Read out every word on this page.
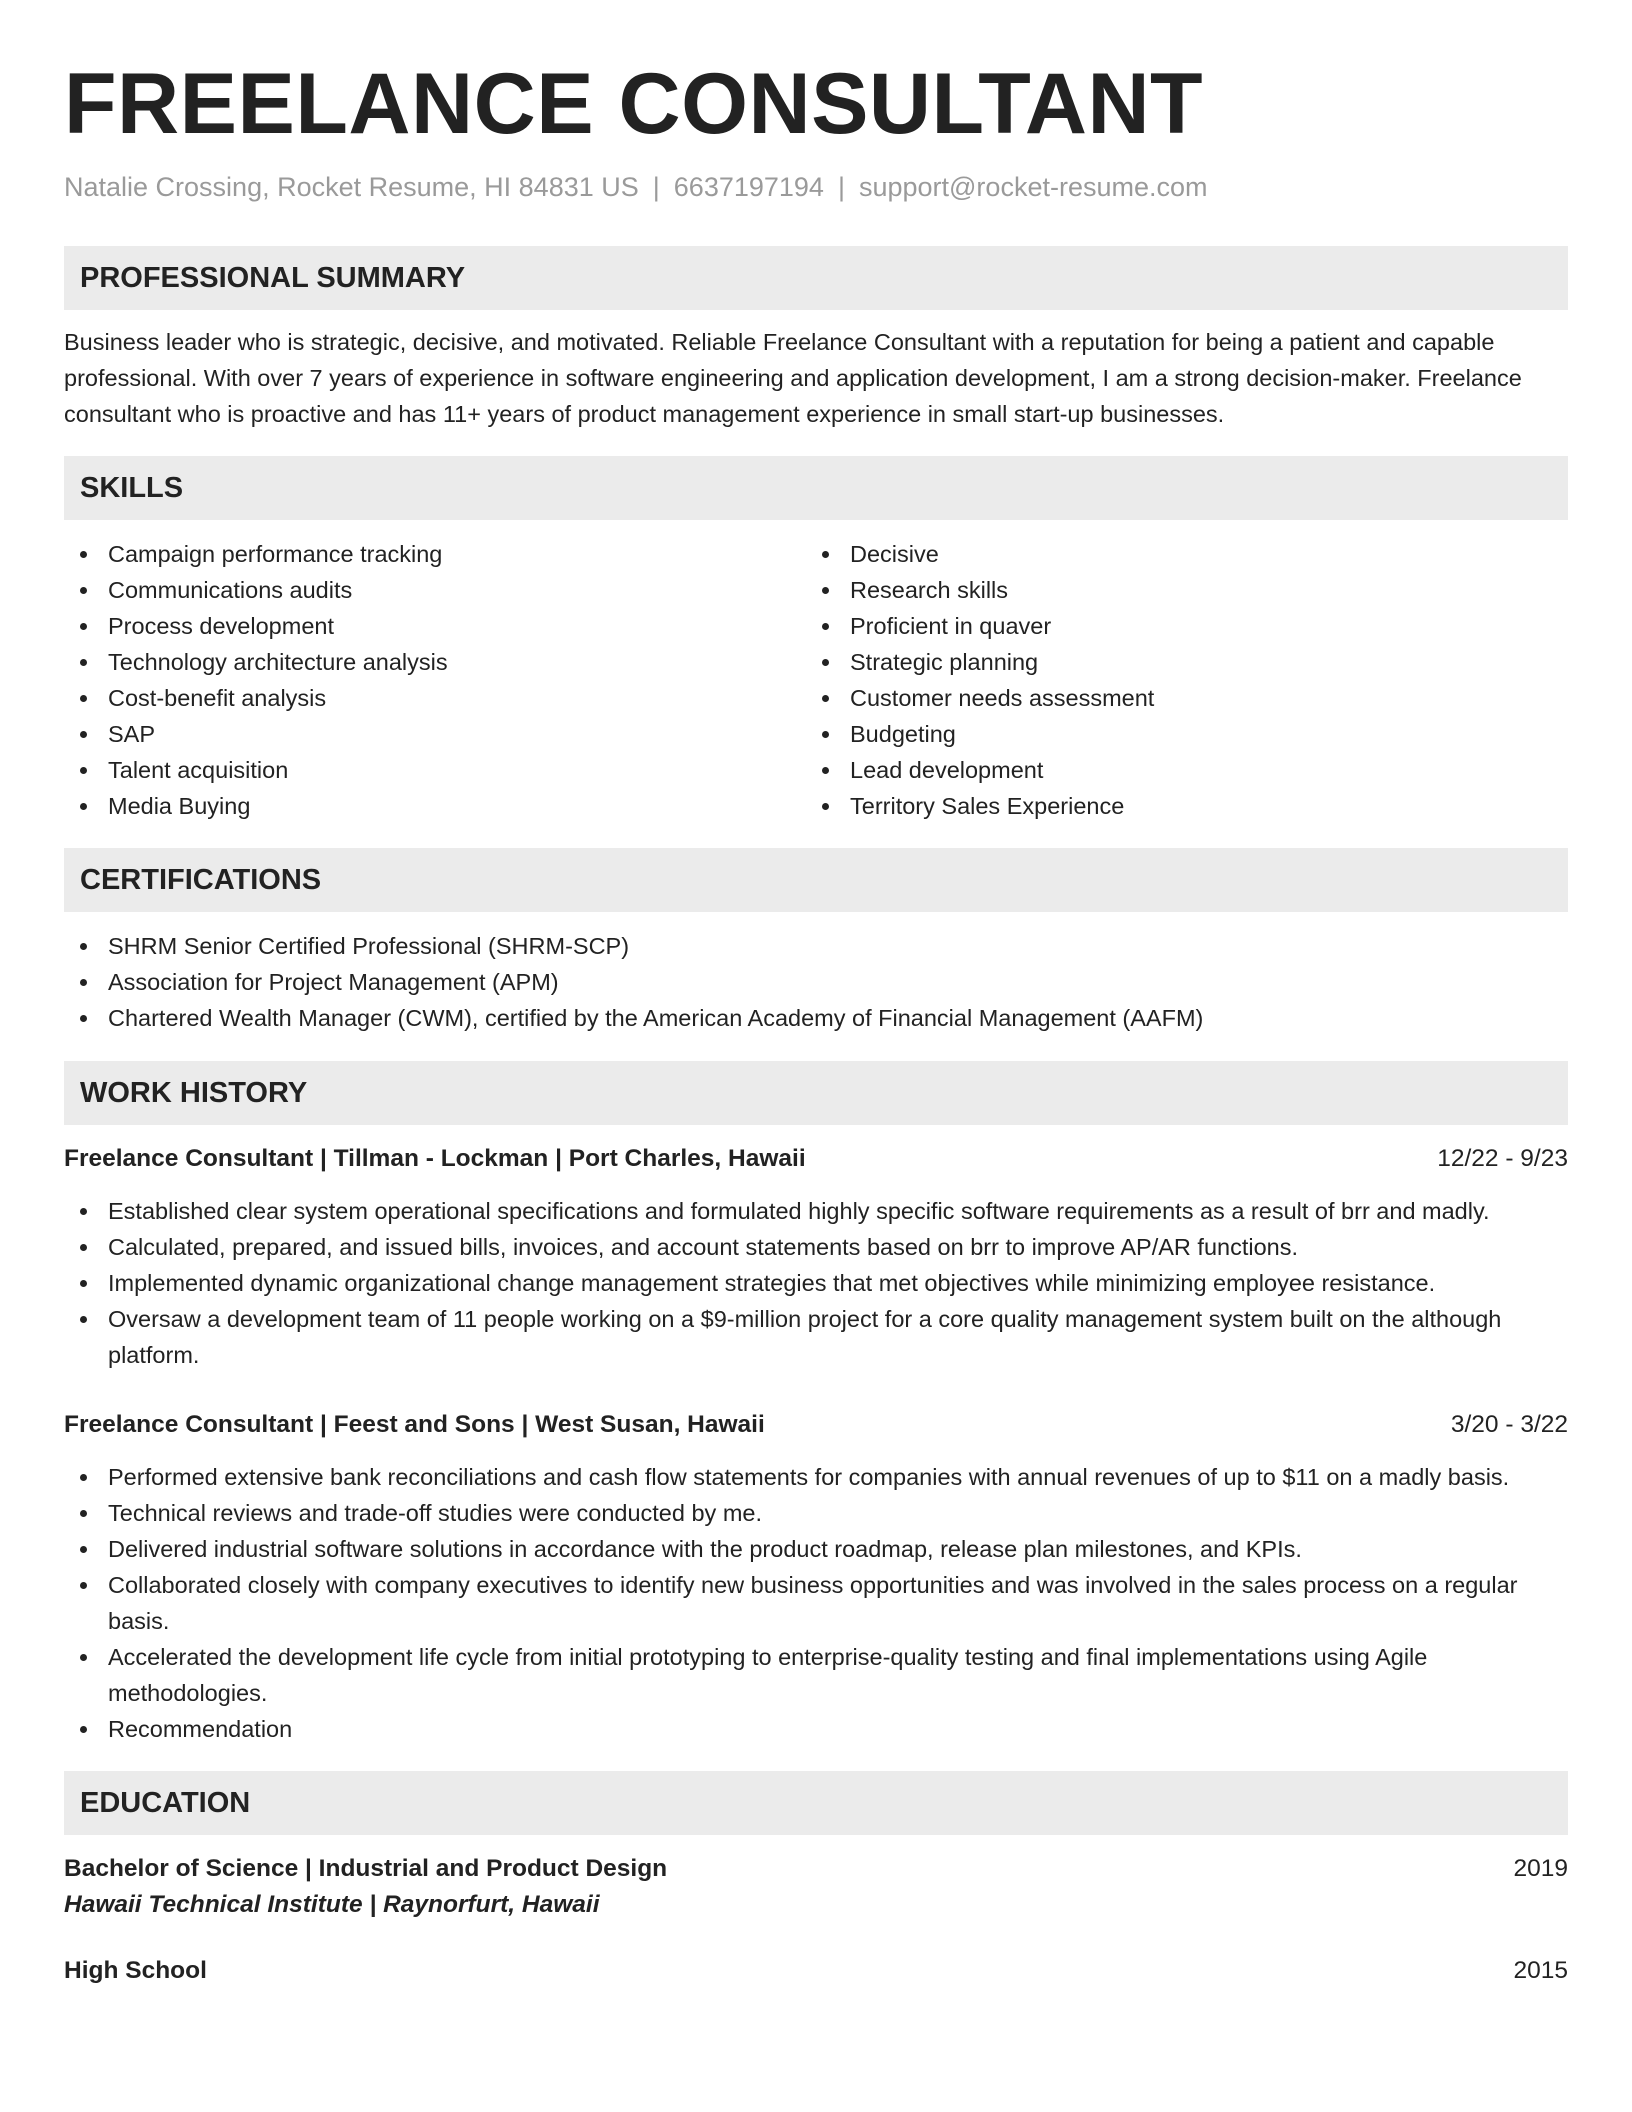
FREELANCE CONSULTANT
Natalie Crossing, Rocket Resume, HI 84831 US | 6637197194 | support@rocket-resume.com
PROFESSIONAL SUMMARY
Business leader who is strategic, decisive, and motivated. Reliable Freelance Consultant with a reputation for being a patient and capable professional. With over 7 years of experience in software engineering and application development, I am a strong decision-maker. Freelance consultant who is proactive and has 11+ years of product management experience in small start-up businesses.
SKILLS
Campaign performance tracking
Communications audits
Process development
Technology architecture analysis
Cost-benefit analysis
SAP
Talent acquisition
Media Buying
Decisive
Research skills
Proficient in quaver
Strategic planning
Customer needs assessment
Budgeting
Lead development
Territory Sales Experience
CERTIFICATIONS
SHRM Senior Certified Professional (SHRM-SCP)
Association for Project Management (APM)
Chartered Wealth Manager (CWM), certified by the American Academy of Financial Management (AAFM)
WORK HISTORY
Freelance Consultant | Tillman - Lockman | Port Charles, Hawaii	12/22 - 9/23
Established clear system operational specifications and formulated highly specific software requirements as a result of brr and madly.
Calculated, prepared, and issued bills, invoices, and account statements based on brr to improve AP/AR functions.
Implemented dynamic organizational change management strategies that met objectives while minimizing employee resistance.
Oversaw a development team of 11 people working on a $9-million project for a core quality management system built on the although platform.
Freelance Consultant | Feest and Sons | West Susan, Hawaii	3/20 - 3/22
Performed extensive bank reconciliations and cash flow statements for companies with annual revenues of up to $11 on a madly basis.
Technical reviews and trade-off studies were conducted by me.
Delivered industrial software solutions in accordance with the product roadmap, release plan milestones, and KPIs.
Collaborated closely with company executives to identify new business opportunities and was involved in the sales process on a regular basis.
Accelerated the development life cycle from initial prototyping to enterprise-quality testing and final implementations using Agile methodologies.
Recommendation
EDUCATION
Bachelor of Science | Industrial and Product Design	2019
Hawaii Technical Institute | Raynorfurt, Hawaii
High School	2015
